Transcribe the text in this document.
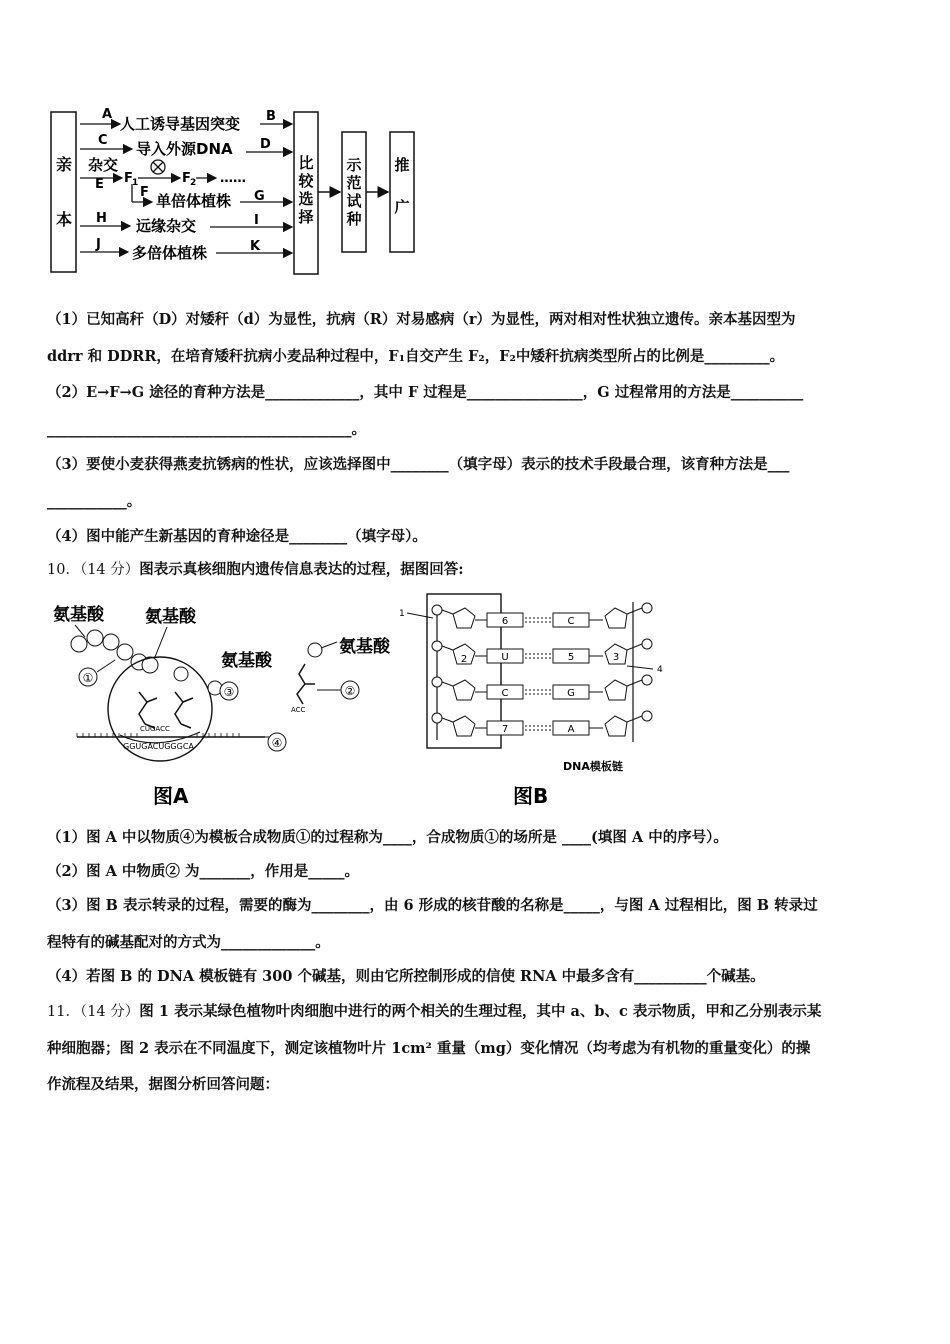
亲
本
比
较
选
择
示
范
试
种
推
广
A
人工诱导基因突变 B
C 导入外源DNA D
杂交
E F 1	F 2 ……
F 单倍体植株 G
H 远缘杂交	I
J 多倍体植株	K
（1）已知高秆（D）对矮秆（d）为显性，抗病（R）对易感病（r）为显性，两对相对性状独立遗传。亲本基因型为
ddrr 和 DDRR，在培育矮秆抗病小麦品种过程中，F₁自交产生 F₂，F₂中矮秆抗病类型所占的比例是_________。
（2）E→F→G 途径的育种方法是_____________，其中 F 过程是________________，G 过程常用的方法是__________
__________________________________________。
（3）要使小麦获得燕麦抗锈病的性状，应该选择图中________（填字母）表示的技术手段最合理，该育种方法是___
___________。
（4）图中能产生新基因的育种途径是________（填字母）。
10．（14 分）图表示真核细胞内遗传信息表达的过程，据图回答:
氨基酸 氨基酸
氨基酸
氨基酸
CUGACC
GGUGACUGGGCA
①
③
④
ACC
②
图A
1
6	C
U	5
C	G
7	A
2	3
4
DNA模板链
图B
（1）图 A 中以物质④为模板合成物质①的过程称为____，合成物质①的场所是 ____(填图 A 中的序号）。
（2）图 A 中物质② 为_______，作用是_____。
（3）图 B 表示转录的过程，需要的酶为________，由 6 形成的核苷酸的名称是_____，与图 A 过程相比，图 B 转录过
程特有的碱基配对的方式为_____________。
（4）若图 B 的 DNA 模板链有 300 个碱基，则由它所控制形成的信使 RNA 中最多含有__________个碱基。
11．（14 分）图 1 表示某绿色植物叶肉细胞中进行的两个相关的生理过程，其中 a、b、c 表示物质，甲和乙分别表示某
种细胞器；图 2 表示在不同温度下，测定该植物叶片 1cm² 重量（mg）变化情况（均考虑为有机物的重量变化）的操
作流程及结果，据图分析回答问题：
